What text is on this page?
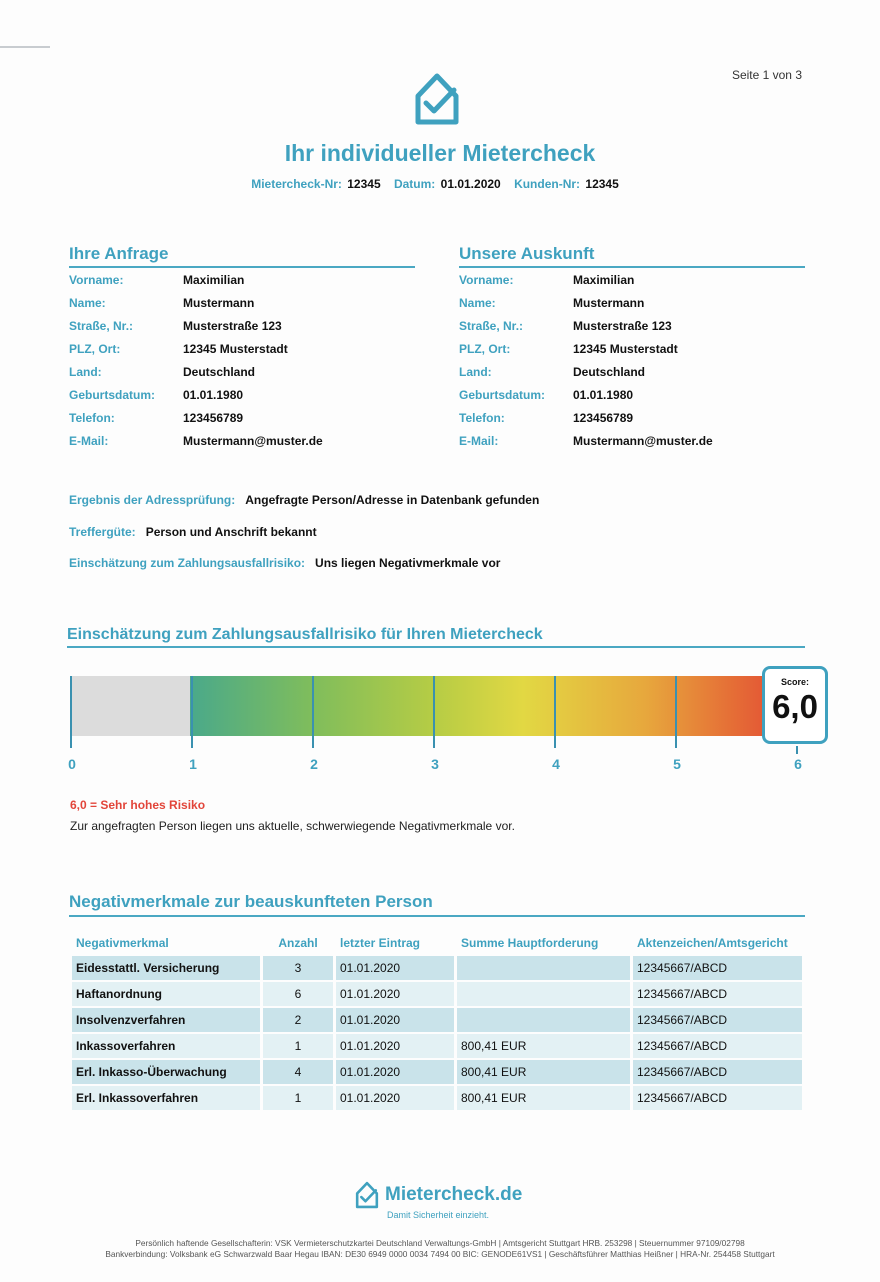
Seite 1 von 3
Ihr individueller Mietercheck
Mietercheck-Nr: 12345 Datum: 01.01.2020 Kunden-Nr: 12345
Ihre Anfrage
Vorname:	Maximilian
Name:	Mustermann
Straße, Nr.:	Musterstraße 123
PLZ, Ort:	12345 Musterstadt
Land:	Deutschland
Geburtsdatum:	01.01.1980
Telefon:	123456789
E-Mail:	Mustermann@muster.de
Unsere Auskunft
Vorname:	Maximilian
Name:	Mustermann
Straße, Nr.:	Musterstraße 123
PLZ, Ort:	12345 Musterstadt
Land:	Deutschland
Geburtsdatum:	01.01.1980
Telefon:	123456789
E-Mail:	Mustermann@muster.de
Ergebnis der Adressprüfung: Angefragte Person/Adresse in Datenbank gefunden
Treffergüte: Person und Anschrift bekannt
Einschätzung zum Zahlungsausfallrisiko: Uns liegen Negativmerkmale vor
Einschätzung zum Zahlungsausfallrisiko für Ihren Mietercheck
0	1	2	3	4	5	6
Score:
6,0
6,0 = Sehr hohes Risiko
Zur angefragten Person liegen uns aktuelle, schwerwiegende Negativmerkmale vor.
Negativmerkmale zur beauskunfteten Person
Negativmerkmal	Anzahl	letzter Eintrag	Summe Hauptforderung	Aktenzeichen/Amtsgericht
Eidesstattl. Versicherung	3	01.01.2020		12345667/ABCD
Haftanordnung	6	01.01.2020		12345667/ABCD
Insolvenzverfahren	2	01.01.2020		12345667/ABCD
Inkassoverfahren	1	01.01.2020	800,41 EUR	12345667/ABCD
Erl. Inkasso-Überwachung	4	01.01.2020	800,41 EUR	12345667/ABCD
Erl. Inkassoverfahren	1	01.01.2020	800,41 EUR	12345667/ABCD
Mietercheck.de
Damit Sicherheit einzieht.
Persönlich haftende Gesellschafterin: VSK Vermieterschutzkartei Deutschland Verwaltungs-GmbH | Amtsgericht Stuttgart HRB. 253298 | Steuernummer 97109/02798
Bankverbindung: Volksbank eG Schwarzwald Baar Hegau IBAN: DE30 6949 0000 0034 7494 00 BIC: GENODE61VS1 | Geschäftsführer Matthias Heißner | HRA-Nr. 254458 Stuttgart
